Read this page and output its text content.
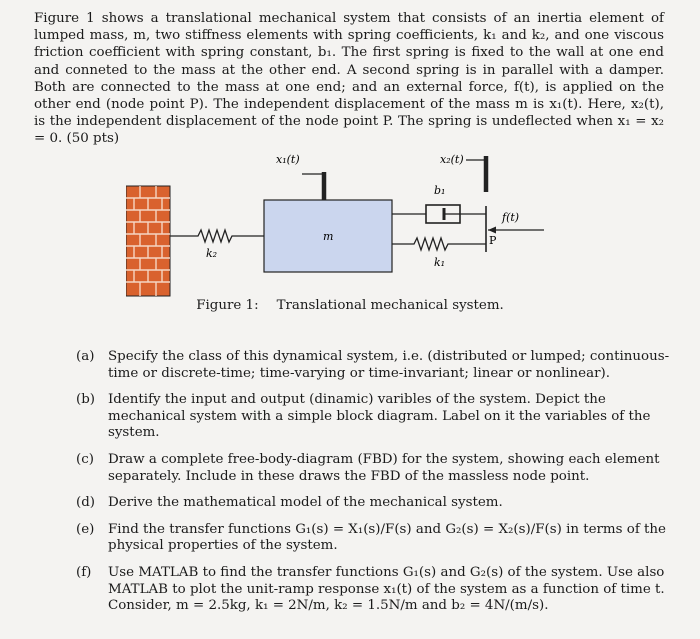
Figure 1 shows a translational mechanical system that consists of an inertia element of lumped mass, m, two stiffness elements with spring coefficients, k₁ and k₂, and one viscous friction coefficient with spring constant, b₁. The first spring is fixed to the wall at one end and conneted to the mass at the other end. A second spring is in parallel with a damper. Both are connected to the mass at one end; and an external force, f(t), is applied on the other end (node point P). The independent displacement of the mass m is x₁(t). Here, x₂(t), is the independent displacement of the node point P. The spring is undeflected when x₁ = x₂ = 0. (50 pts)
k₂
m
x₁(t)
b₁
k₁
P
x₂(t)
f(t)
Figure 1: Translational mechanical system.
(a)	Specify the class of this dynamical system, i.e. (distributed or lumped; continuous-time or discrete-time; time-varying or time-invariant; linear or nonlinear).
(b) Identify the input and output (dinamic) varibles of the system. Depict the mechanical system with a simple block diagram. Label on it the variables of the system.
(c)	Draw a complete free-body-diagram (FBD) for the system, showing each element separately. Include in these draws the FBD of the massless node point.
(d) Derive the mathematical model of the mechanical system.
(e)	Find the transfer functions G₁(s) = X₁(s)/F(s) and G₂(s) = X₂(s)/F(s) in terms of the physical properties of the system.
(f)	Use MATLAB to find the transfer functions G₁(s) and G₂(s) of the system. Use also MATLAB to plot the unit-ramp response x₁(t) of the system as a function of time t. Consider, m = 2.5kg, k₁ = 2N/m, k₂ = 1.5N/m and b₂ = 4N/(m/s).
